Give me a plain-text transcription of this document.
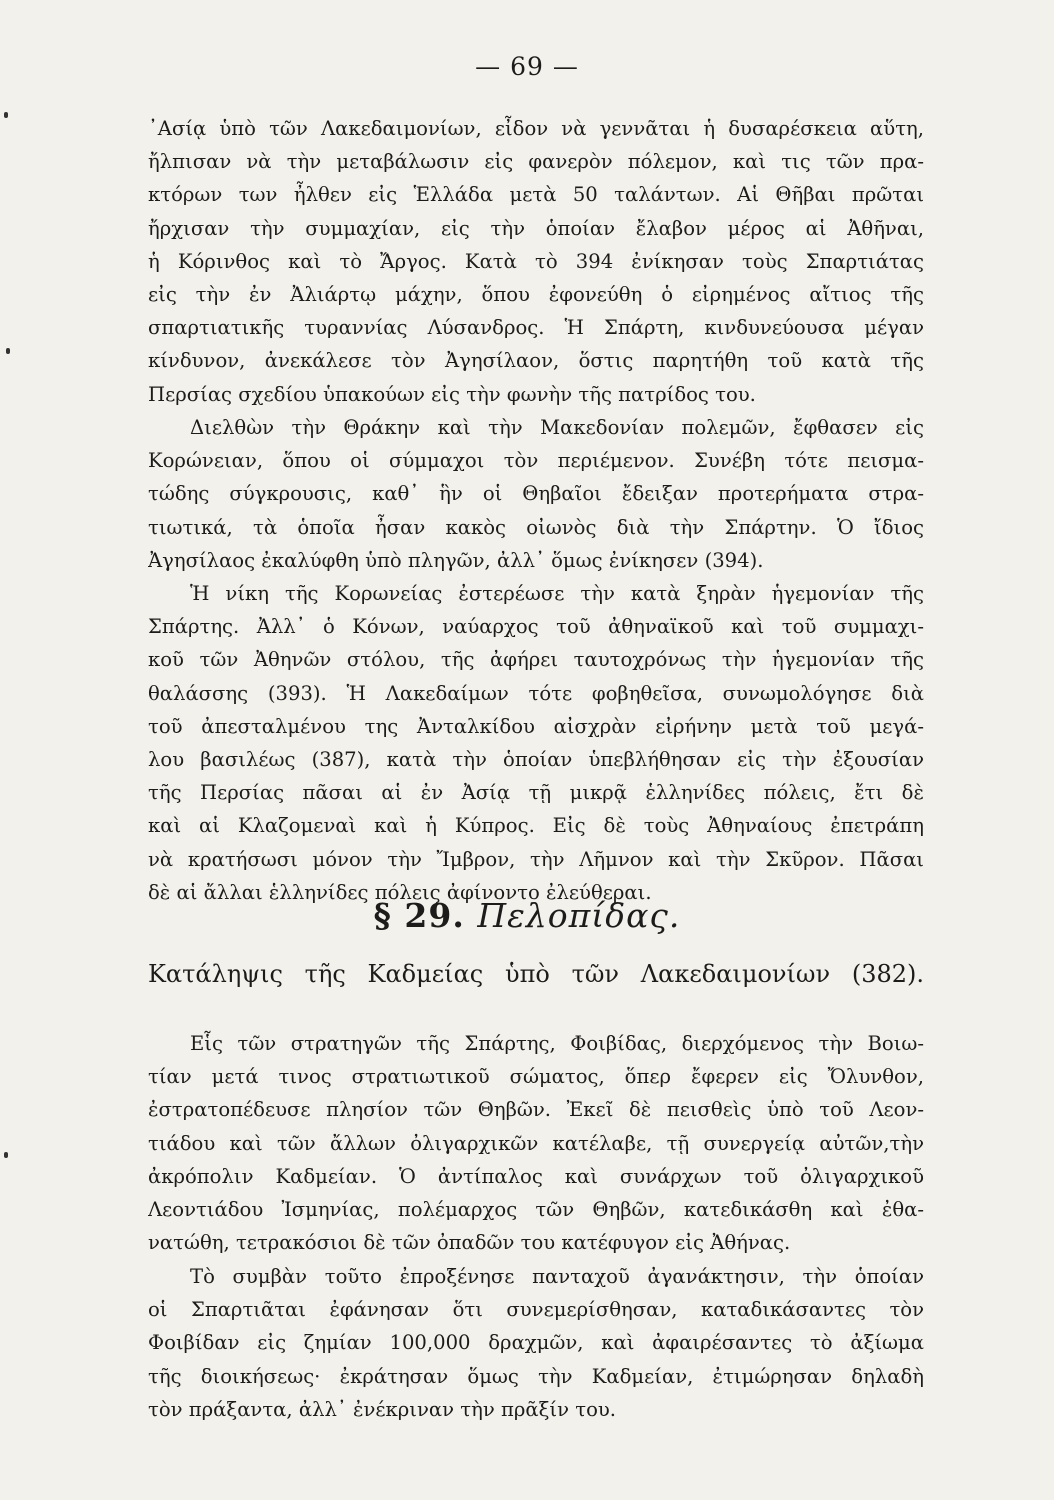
— 69 —
᾿Ασίᾳ ὑπὸ τῶν Λακεδαιμονίων, εἶδον νὰ γεννᾶται ἡ δυσαρέσκεια αὕτη,
ἤλπισαν νὰ τὴν μεταβάλωσιν εἰς φανερὸν πόλεμον, καὶ τις τῶν πρα-
κτόρων των ἦλθεν εἰς Ἑλλάδα μετὰ 50 ταλάντων. Αἱ Θῆβαι πρῶται
ἤρχισαν τὴν συμμαχίαν, εἰς τὴν ὁποίαν ἔλαβον μέρος αἱ Ἀθῆναι,
ἡ Κόρινθος καὶ τὸ Ἄργος. Κατὰ τὸ 394 ἐνίκησαν τοὺς Σπαρτιάτας
εἰς τὴν ἐν Ἀλιάρτῳ μάχην, ὅπου ἐφονεύθη ὁ εἰρημένος αἴτιος τῆς
σπαρτιατικῆς τυραννίας Λύσανδρος. Ἡ Σπάρτη, κινδυνεύουσα μέγαν
κίνδυνον, ἀνεκάλεσε τὸν Ἀγησίλαον, ὅστις παρητήθη τοῦ κατὰ τῆς
Περσίας σχεδίου ὑπακούων εἰς τὴν φωνὴν τῆς πατρίδος του.
Διελθὼν τὴν Θράκην καὶ τὴν Μακεδονίαν πολεμῶν, ἔφθασεν εἰς
Κορώνειαν, ὅπου οἱ σύμμαχοι τὸν περιέμενον. Συνέβη τότε πεισμα-
τώδης σύγκρουσις, καθ᾿ ἣν οἱ Θηβαῖοι ἔδειξαν προτερήματα στρα-
τιωτικά, τὰ ὁποῖα ἦσαν κακὸς οἰωνὸς διὰ τὴν Σπάρτην. Ὁ ἴδιος
Ἀγησίλαος ἐκαλύφθη ὑπὸ πληγῶν, ἀλλ᾿ ὅμως ἐνίκησεν (394).
Ἡ νίκη τῆς Κορωνείας ἐστερέωσε τὴν κατὰ ξηρὰν ἡγεμονίαν τῆς
Σπάρτης. Ἀλλ᾿ ὁ Κόνων, ναύαρχος τοῦ ἀθηναϊκοῦ καὶ τοῦ συμμαχι-
κοῦ τῶν Ἀθηνῶν στόλου, τῆς ἀφήρει ταυτοχρόνως τὴν ἡγεμονίαν τῆς
θαλάσσης (393). Ἡ Λακεδαίμων τότε φοβηθεῖσα, συνωμολόγησε διὰ
τοῦ ἀπεσταλμένου της Ἀνταλκίδου αἰσχρὰν εἰρήνην μετὰ τοῦ μεγά-
λου βασιλέως (387), κατὰ τὴν ὁποίαν ὑπεβλήθησαν εἰς τὴν ἐξουσίαν
τῆς Περσίας πᾶσαι αἱ ἐν Ἀσίᾳ τῇ μικρᾷ ἑλληνίδες πόλεις, ἔτι δὲ
καὶ αἱ Κλαζομεναὶ καὶ ἡ Κύπρος. Εἰς δὲ τοὺς Ἀθηναίους ἐπετράπη
νὰ κρατήσωσι μόνον τὴν Ἴμβρον, τὴν Λῆμνον καὶ τὴν Σκῦρον. Πᾶσαι
δὲ αἱ ἄλλαι ἑλληνίδες πόλεις ἀφίνοντο ἐλεύθεραι.
§ 29. Πελοπίδας.
Κατάληψις τῆς Καδμείας ὑπὸ τῶν Λακεδαιμονίων (382).
Εἷς τῶν στρατηγῶν τῆς Σπάρτης, Φοιβίδας, διερχόμενος τὴν Βοιω-
τίαν μετά τινος στρατιωτικοῦ σώματος, ὅπερ ἔφερεν εἰς Ὄλυνθον,
ἐστρατοπέδευσε πλησίον τῶν Θηβῶν. Ἐκεῖ δὲ πεισθεὶς ὑπὸ τοῦ Λεον-
τιάδου καὶ τῶν ἄλλων ὀλιγαρχικῶν κατέλαβε, τῇ συνεργείᾳ αὐτῶν,τὴν
ἀκρόπολιν Καδμείαν. Ὁ ἀντίπαλος καὶ συνάρχων τοῦ ὀλιγαρχικοῦ
Λεοντιάδου Ἰσμηνίας, πολέμαρχος τῶν Θηβῶν, κατεδικάσθη καὶ ἐθα-
νατώθη, τετρακόσιοι δὲ τῶν ὀπαδῶν του κατέφυγον εἰς Ἀθήνας.
Τὸ συμβὰν τοῦτο ἐπροξένησε πανταχοῦ ἀγανάκτησιν, τὴν ὁποίαν
οἱ Σπαρτιᾶται ἐφάνησαν ὅτι συνεμερίσθησαν, καταδικάσαντες τὸν
Φοιβίδαν εἰς ζημίαν 100,000 δραχμῶν, καὶ ἀφαιρέσαντες τὸ ἀξίωμα
τῆς διοικήσεως· ἐκράτησαν ὅμως τὴν Καδμείαν, ἐτιμώρησαν δηλαδὴ
τὸν πράξαντα, ἀλλ᾿ ἐνέκριναν τὴν πρᾶξίν του.
